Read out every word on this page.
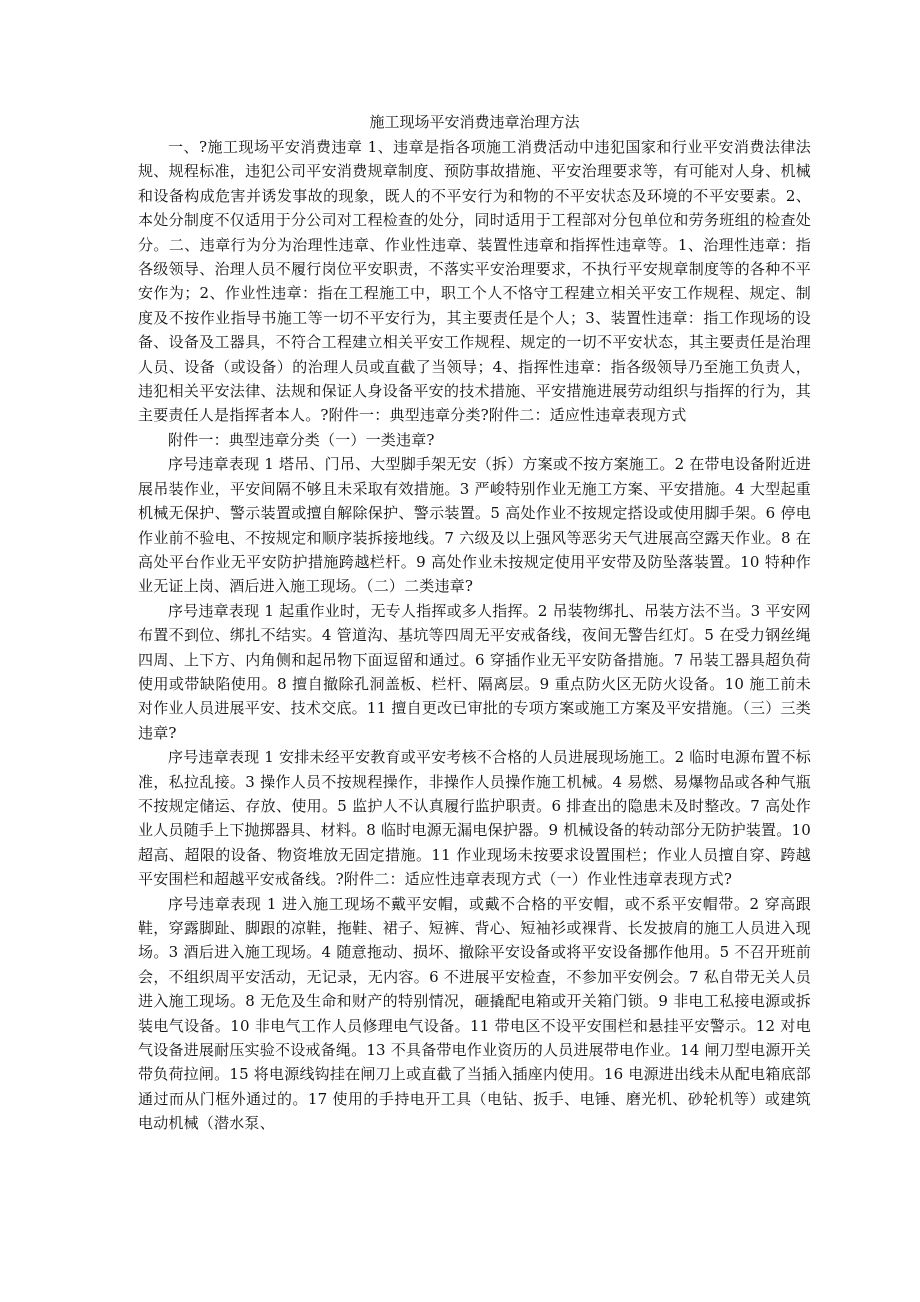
施工现场平安消费违章治理方法

一、?施工现场平安消费违章 1、违章是指各项施工消费活动中违犯国家和行业平安消费法律法规、规程标准，违犯公司平安消费规章制度、预防事故措施、平安治理要求等，有可能对人身、机械和设备构成危害并诱发事故的现象，既人的不平安行为和物的不平安状态及环境的不平安要素。2、本处分制度不仅适用于分公司对工程检查的处分，同时适用于工程部对分包单位和劳务班组的检查处分。二、违章行为分为治理性违章、作业性违章、装置性违章和指挥性违章等。1、治理性违章：指各级领导、治理人员不履行岗位平安职责，不落实平安治理要求，不执行平安规章制度等的各种不平安作为；2、作业性违章：指在工程施工中，职工个人不恪守工程建立相关平安工作规程、规定、制度及不按作业指导书施工等一切不平安行为，其主要责任是个人；3、装置性违章：指工作现场的设备、设备及工器具，不符合工程建立相关平安工作规程、规定的一切不平安状态，其主要责任是治理人员、设备（或设备）的治理人员或直截了当领导；4、指挥性违章：指各级领导乃至施工负责人，违犯相关平安法律、法规和保证人身设备平安的技术措施、平安措施进展劳动组织与指挥的行为，其主要责任人是指挥者本人。?附件一：典型违章分类?附件二：适应性违章表现方式

附件一：典型违章分类（一）一类违章?

序号违章表现 1 塔吊、门吊、大型脚手架无安（拆）方案或不按方案施工。2 在带电设备附近进展吊装作业，平安间隔不够且未采取有效措施。3 严峻特别作业无施工方案、平安措施。4 大型起重机械无保护、警示装置或擅自解除保护、警示装置。5 高处作业不按规定搭设或使用脚手架。6 停电作业前不验电、不按规定和顺序装拆接地线。7 六级及以上强风等恶劣天气进展高空露天作业。8 在高处平台作业无平安防护措施跨越栏杆。9 高处作业未按规定使用平安带及防坠落装置。10 特种作业无证上岗、酒后进入施工现场。（二）二类违章?

序号违章表现 1 起重作业时，无专人指挥或多人指挥。2 吊装物绑扎、吊装方法不当。3 平安网布置不到位、绑扎不结实。4 管道沟、基坑等四周无平安戒备线，夜间无警告红灯。5 在受力钢丝绳四周、上下方、内角侧和起吊物下面逗留和通过。6 穿插作业无平安防备措施。7 吊装工器具超负荷使用或带缺陷使用。8 擅自撤除孔洞盖板、栏杆、隔离层。9 重点防火区无防火设备。10 施工前未对作业人员进展平安、技术交底。11 擅自更改已审批的专项方案或施工方案及平安措施。（三）三类违章?

序号违章表现 1 安排未经平安教育或平安考核不合格的人员进展现场施工。2 临时电源布置不标准，私拉乱接。3 操作人员不按规程操作，非操作人员操作施工机械。4 易燃、易爆物品或各种气瓶不按规定储运、存放、使用。5 监护人不认真履行监护职责。6 排查出的隐患未及时整改。7 高处作业人员随手上下抛掷器具、材料。8 临时电源无漏电保护器。9 机械设备的转动部分无防护装置。10 超高、超限的设备、物资堆放无固定措施。11 作业现场未按要求设置围栏；作业人员擅自穿、跨越平安围栏和超越平安戒备线。?附件二：适应性违章表现方式（一）作业性违章表现方式?

序号违章表现 1 进入施工现场不戴平安帽，或戴不合格的平安帽，或不系平安帽带。2 穿高跟鞋，穿露脚趾、脚跟的凉鞋，拖鞋、裙子、短裤、背心、短袖衫或裸背、长发披肩的施工人员进入现场。3 酒后进入施工现场。4 随意拖动、损坏、撤除平安设备或将平安设备挪作他用。5 不召开班前会，不组织周平安活动，无记录，无内容。6 不进展平安检查，不参加平安例会。7 私自带无关人员进入施工现场。8 无危及生命和财产的特别情况，砸撬配电箱或开关箱门锁。9 非电工私接电源或拆装电气设备。10 非电气工作人员修理电气设备。11 带电区不设平安围栏和悬挂平安警示。12 对电气设备进展耐压实验不设戒备绳。13 不具备带电作业资历的人员进展带电作业。14 闸刀型电源开关带负荷拉闸。15 将电源线钩挂在闸刀上或直截了当插入插座内使用。16 电源进出线未从配电箱底部通过而从门框外通过的。17 使用的手持电开工具（电钻、扳手、电锤、磨光机、砂轮机等）或建筑电动机械（潜水泵、
